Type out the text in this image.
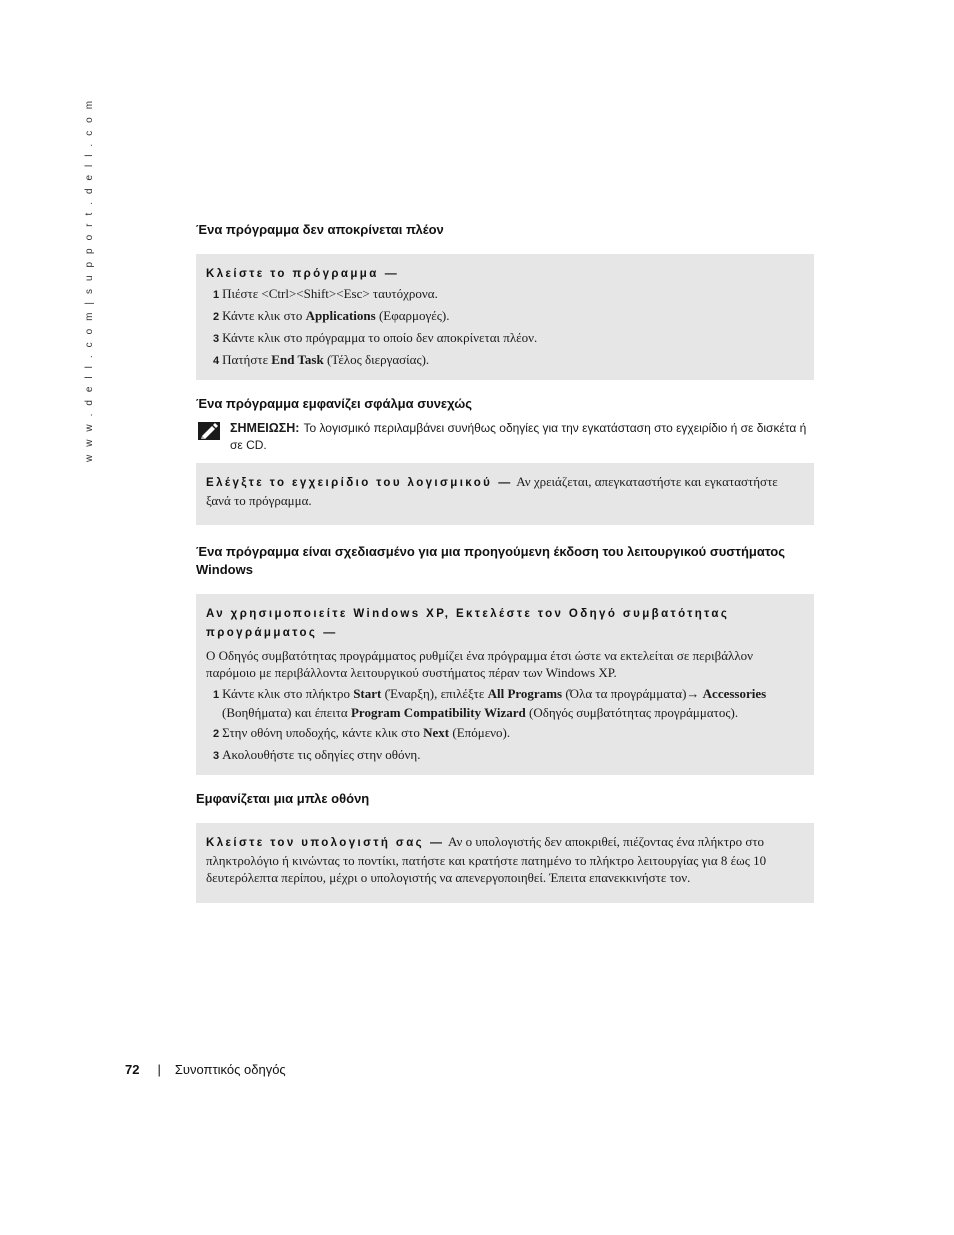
w w w . d e l l . c o m | s u p p o r t . d e l l . c o m	Ένα πρόγραμμα δεν αποκρίνεται πλέον
Κλείστε το πρόγραμμα —
1 Πιέστε <Ctrl><Shift><Esc> ταυτόχρονα.
2 Κάντε κλικ στο Applications (Εφαρμογές).
3 Κάντε κλικ στο πρόγραμμα το οποίο δεν αποκρίνεται πλέον.
4 Πατήστε End Task (Τέλος διεργασίας).
Ένα πρόγραμμα εμφανίζει σφάλμα συνεχώς
ΣΗΜΕΙΩΣΗ: Το λογισμικό περιλαμβάνει συνήθως οδηγίες για την εγκατάσταση στο εγχειρίδιο ή σε δισκέτα ή σε CD.
Ελέγξτε το εγχειρίδιο του λογισμικού — Αν χρειάζεται, απεγκαταστήστε και εγκαταστήστε ξανά το πρόγραμμα.
Ένα πρόγραμμα είναι σχεδιασμένο για μια προηγούμενη έκδοση του λειτουργικού συστήματος Windows
Αν χρησιμοποιείτε Windows XP, Εκτελέστε τον Οδηγό συμβατότητας προγράμματος —
Ο Οδηγός συμβατότητας προγράμματος ρυθμίζει ένα πρόγραμμα έτσι ώστε να εκτελείται σε περιβάλλον παρόμοιο με περιβάλλοντα λειτουργικού συστήματος πέραν των Windows XP.
1 Κάντε κλικ στο πλήκτρο Start (Έναρξη), επιλέξτε All Programs (Όλα τα προγράμματα)→ Accessories (Βοηθήματα) και έπειτα Program Compatibility Wizard (Οδηγός συμβατότητας προγράμματος).
2 Στην οθόνη υποδοχής, κάντε κλικ στο Next (Επόμενο).
3 Ακολουθήστε τις οδηγίες στην οθόνη.
Εμφανίζεται μια μπλε οθόνη
Κλείστε τον υπολογιστή σας — Αν ο υπολογιστής δεν αποκριθεί, πιέζοντας ένα πλήκτρο στο πληκτρολόγιο ή κινώντας το ποντίκι, πατήστε και κρατήστε πατημένο το πλήκτρο λειτουργίας για 8 έως 10 δευτερόλεπτα περίπου, μέχρι ο υπολογιστής να απενεργοποιηθεί. Έπειτα επανεκκινήστε τον.
72 | Συνοπτικός οδηγός
